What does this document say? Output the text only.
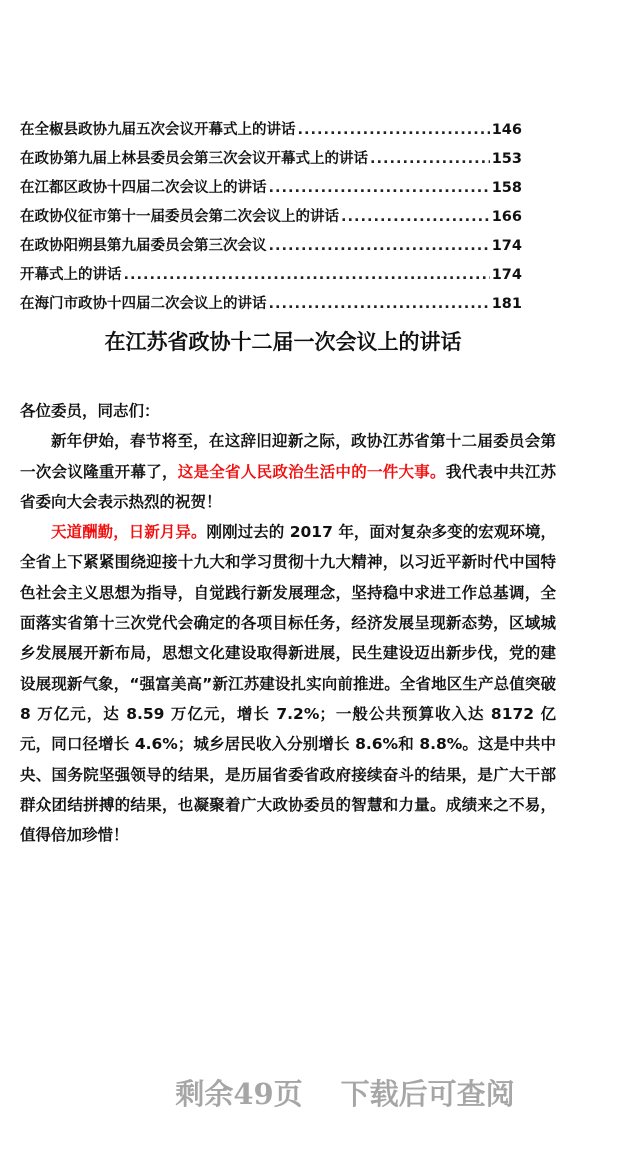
在全椒县政协九届五次会议开幕式上的讲话 .....	146
在政协第九届上林县委员会第三次会议开幕式上的讲话 .....	153
在江都区政协十四届二次会议上的讲话 .....	158
在政协仪征市第十一届委员会第二次会议上的讲话 .....	166
在政协阳朔县第九届委员会第三次会议 .....	174
开幕式上的讲话 .....	174
在海门市政协十四届二次会议上的讲话 .....	181
在江苏省政协十二届一次会议上的讲话

各位委员，同志们：

新年伊始，春节将至，在这辞旧迎新之际，政协江苏省第十二届委员会第一次会议隆重开幕了，这是全省人民政治生活中的一件大事。我代表中共江苏省委向大会表示热烈的祝贺！

天道酬勤，日新月异。刚刚过去的 2017 年，面对复杂多变的宏观环境，全省上下紧紧围绕迎接十九大和学习贯彻十九大精神，以习近平新时代中国特色社会主义思想为指导，自觉践行新发展理念，坚持稳中求进工作总基调，全面落实省第十三次党代会确定的各项目标任务，经济发展呈现新态势，区域城乡发展展开新布局，思想文化建设取得新进展，民生建设迈出新步伐，党的建设展现新气象，“强富美高”新江苏建设扎实向前推进。全省地区生产总值突破 8 万亿元，达 8.59 万亿元，增长 7.2%；一般公共预算收入达 8172 亿元，同口径增长 4.6%；城乡居民收入分别增长 8.6%和 8.8%。这是中共中央、国务院坚强领导的结果，是历届省委省政府接续奋斗的结果，是广大干部群众团结拼搏的结果，也凝聚着广大政协委员的智慧和力量。成绩来之不易，值得倍加珍惜！

剩余49页 下载后可查阅
